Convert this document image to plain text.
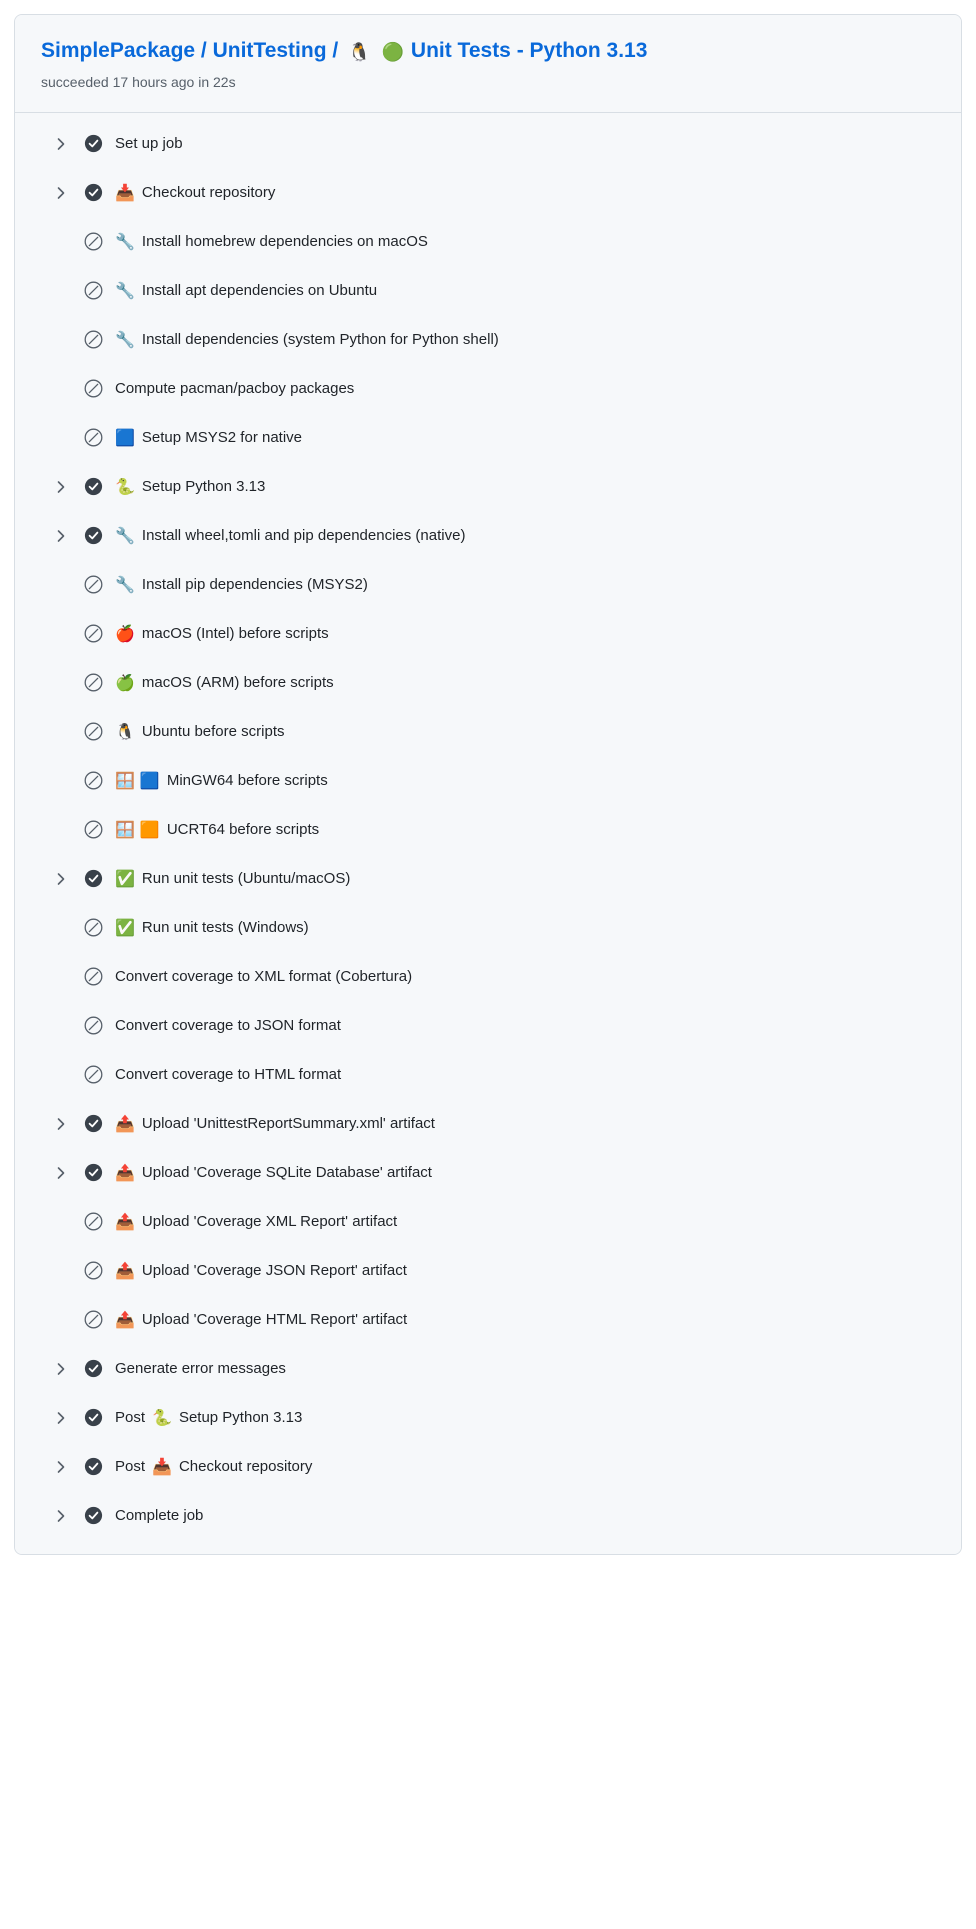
SimplePackage / UnitTesting / 🐧 🟢 Unit Tests - Python 3.13
succeeded 17 hours ago in 22s
Set up job
📥 Checkout repository
🔧 Install homebrew dependencies on macOS
🔧 Install apt dependencies on Ubuntu
🔧 Install dependencies (system Python for Python shell)
Compute pacman/pacboy packages
🟦 Setup MSYS2 for native
🐍 Setup Python 3.13
🔧 Install wheel,tomli and pip dependencies (native)
🔧 Install pip dependencies (MSYS2)
🍎 macOS (Intel) before scripts
🍏 macOS (ARM) before scripts
🐧 Ubuntu before scripts
🪟 🟦 MinGW64 before scripts
🪟 🟧 UCRT64 before scripts
✅ Run unit tests (Ubuntu/macOS)
✅ Run unit tests (Windows)
Convert coverage to XML format (Cobertura)
Convert coverage to JSON format
Convert coverage to HTML format
📤 Upload 'UnittestReportSummary.xml' artifact
📤 Upload 'Coverage SQLite Database' artifact
📤 Upload 'Coverage XML Report' artifact
📤 Upload 'Coverage JSON Report' artifact
📤 Upload 'Coverage HTML Report' artifact
Generate error messages
Post 🐍 Setup Python 3.13
Post 📥 Checkout repository
Complete job
